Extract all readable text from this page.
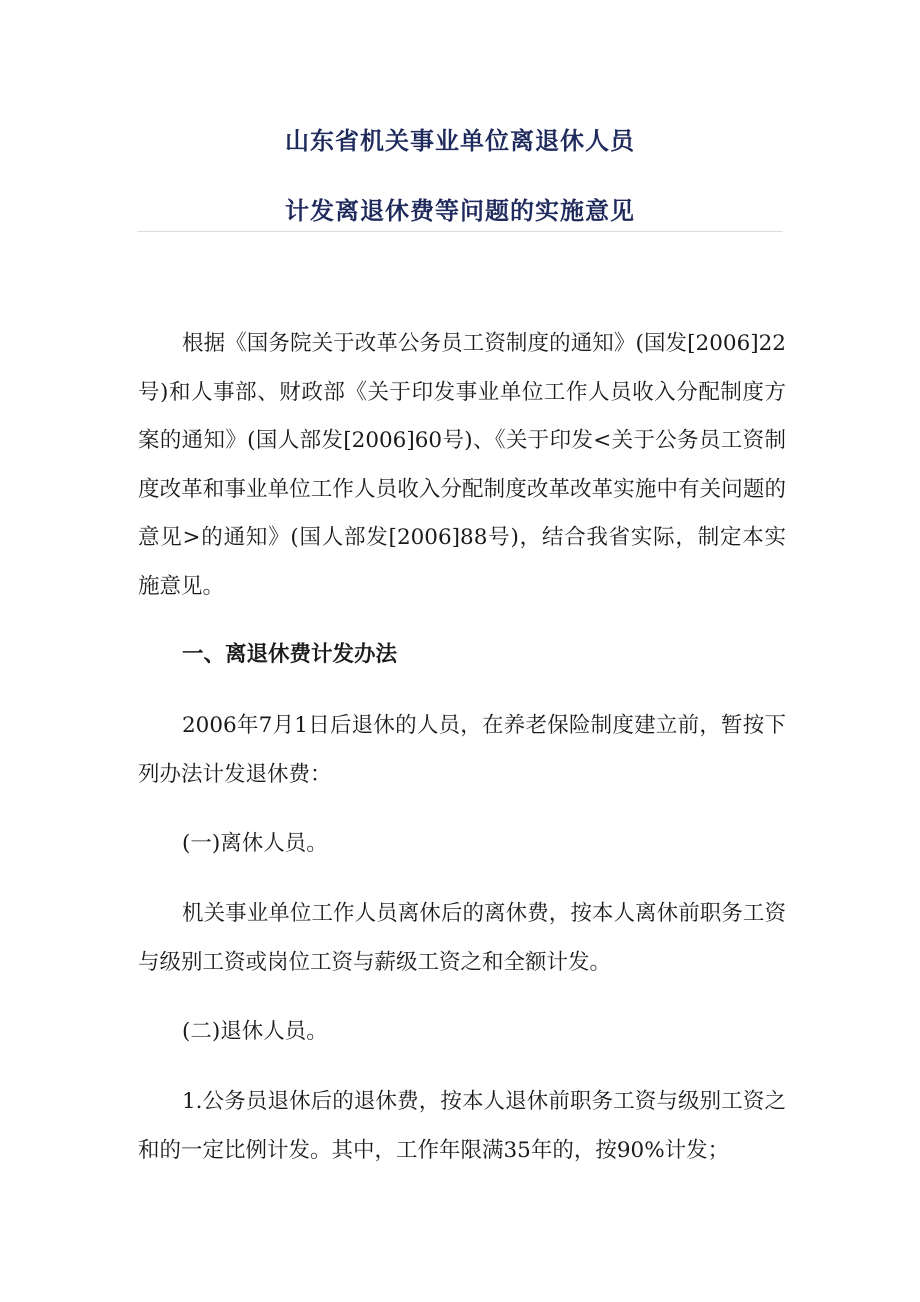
山东省机关事业单位离退休人员
计发离退休费等问题的实施意见
根据《国务院关于改革公务员工资制度的通知》(国发[2006]22号)和人事部、财政部《关于印发事业单位工作人员收入分配制度方案的通知》(国人部发[2006]60号)、《关于印发<关于公务员工资制度改革和事业单位工作人员收入分配制度改革改革实施中有关问题的意见>的通知》(国人部发[2006]88号)，结合我省实际，制定本实施意见。
一、离退休费计发办法
2006年7月1日后退休的人员，在养老保险制度建立前，暂按下列办法计发退休费：
(一)离休人员。
机关事业单位工作人员离休后的离休费，按本人离休前职务工资与级别工资或岗位工资与薪级工资之和全额计发。
(二)退休人员。
1.公务员退休后的退休费，按本人退休前职务工资与级别工资之和的一定比例计发。其中，工作年限满35年的，按90%计发；
